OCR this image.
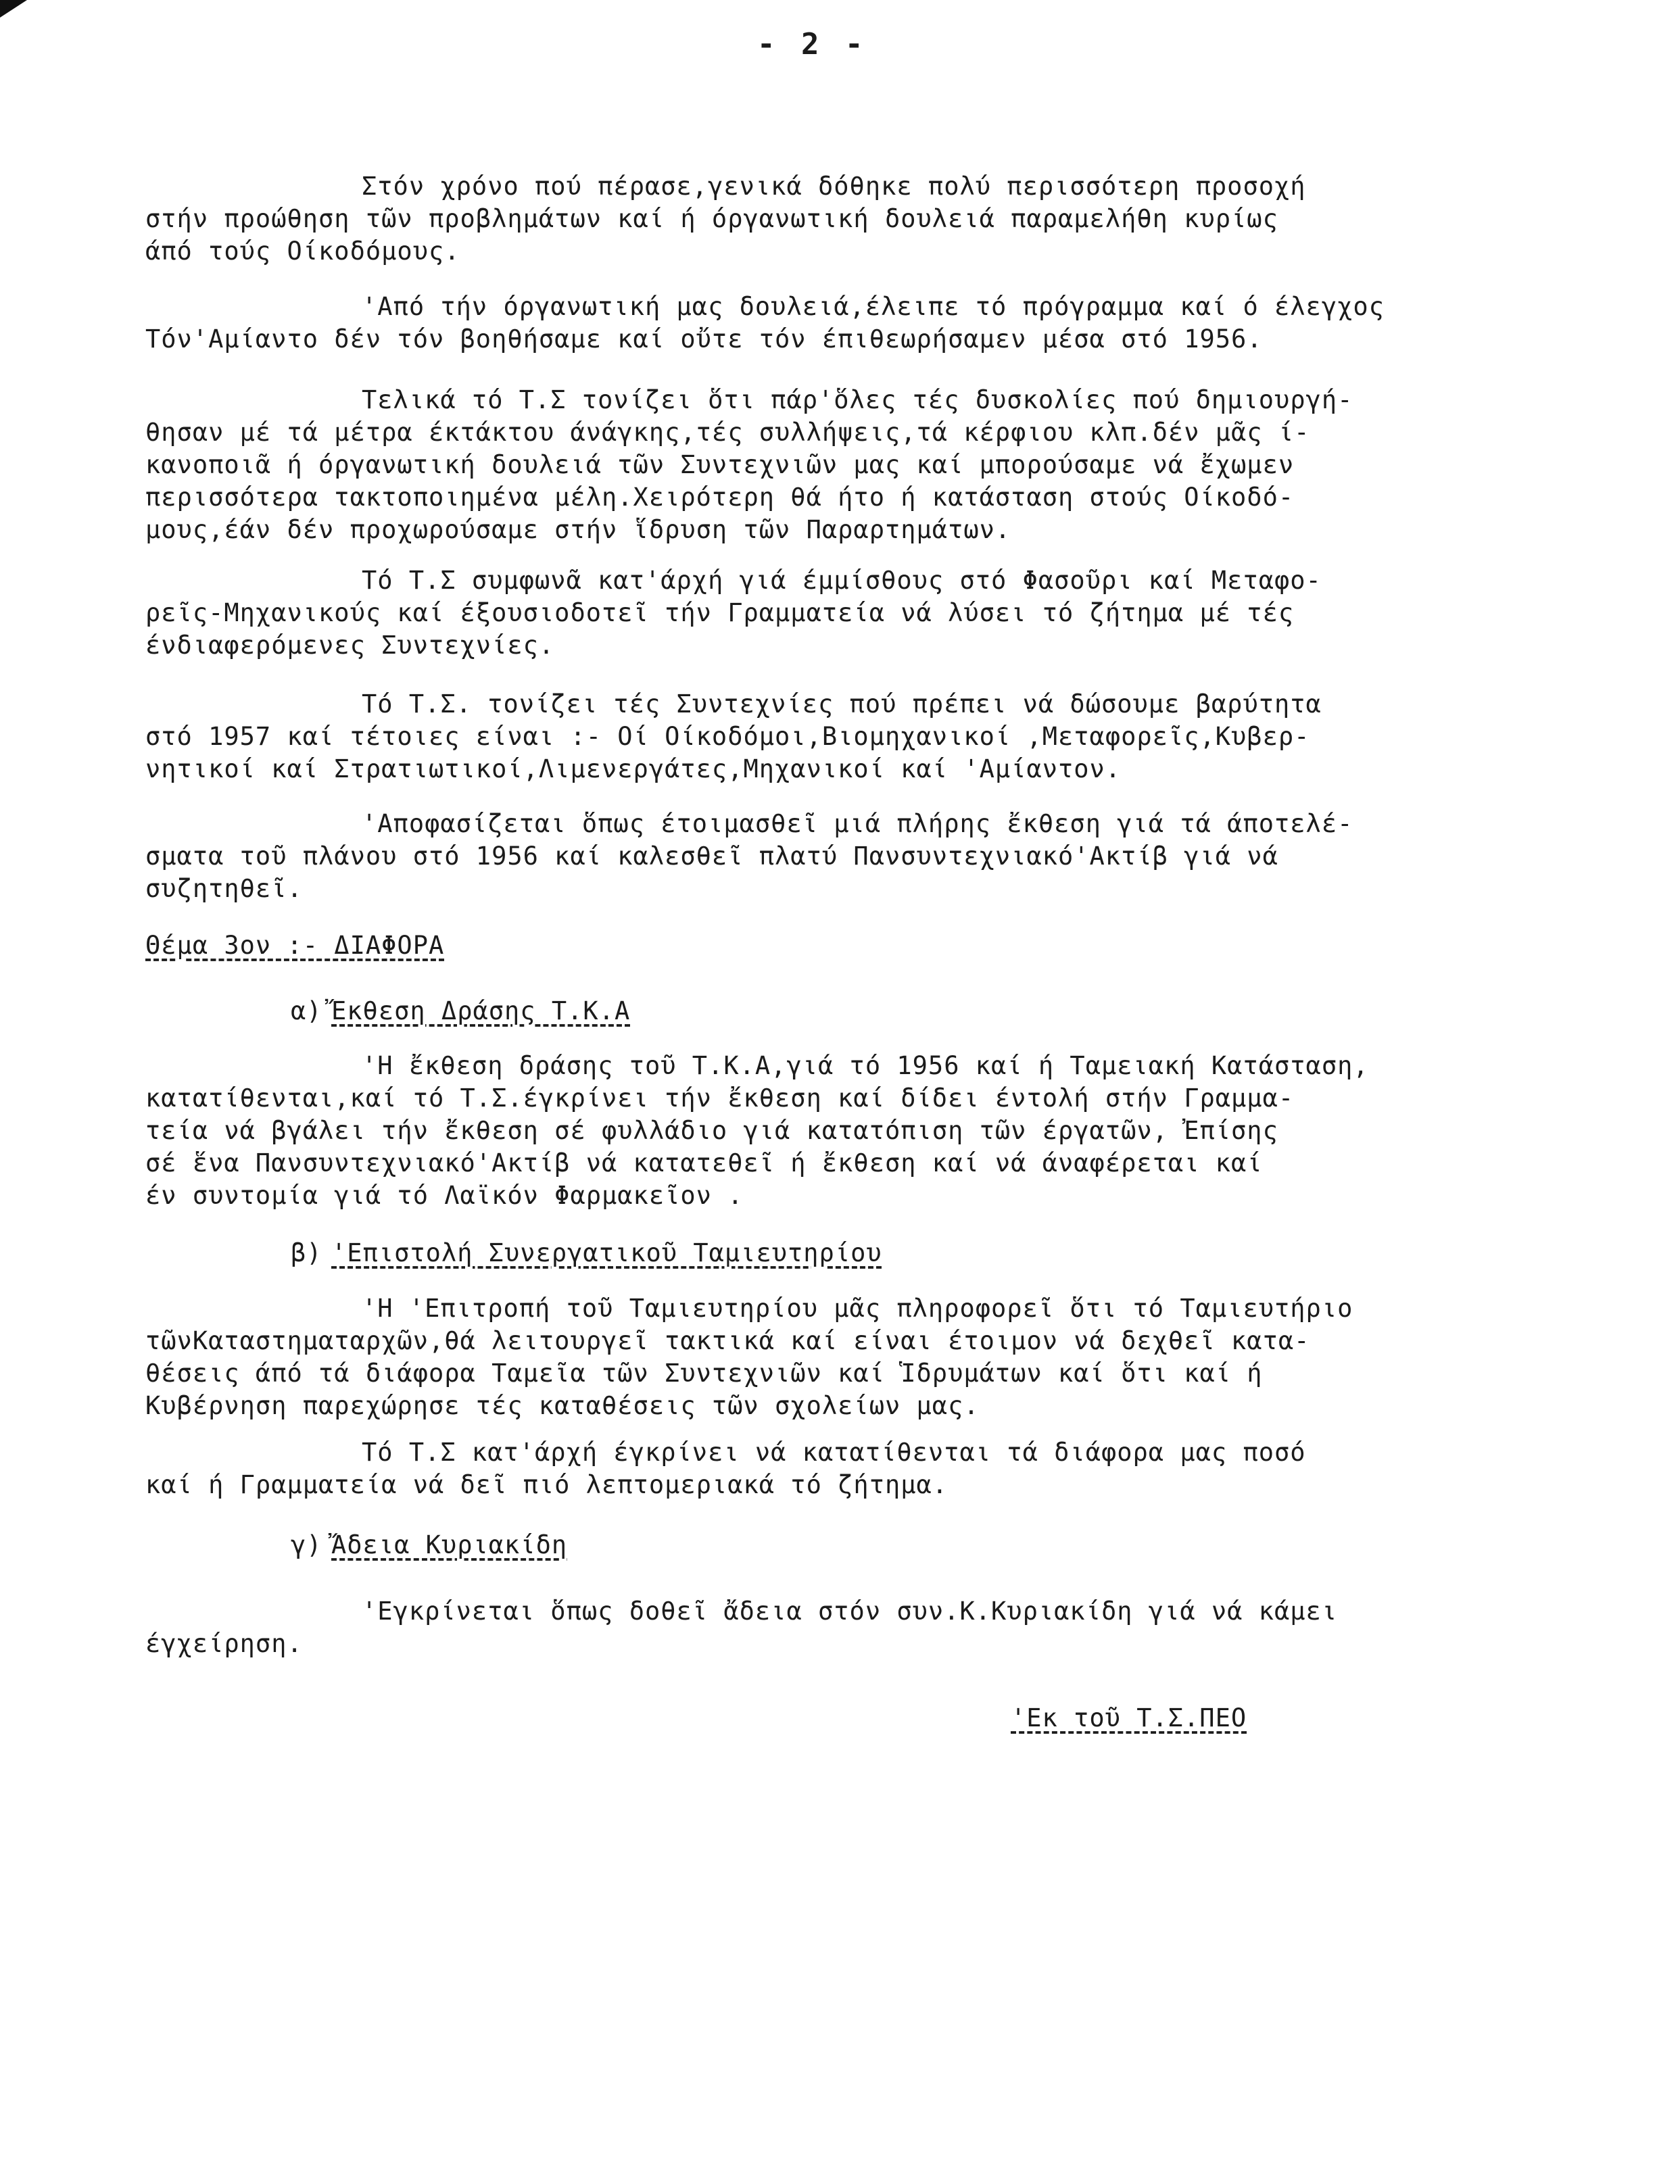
- 2 -
Στόν χρόνο πού πέρασε,γενικά δόθηκε πολύ περισσότερη προσοχή
στήν προώθηση τῶν προβλημάτων καί ή όργανωτική δουλειά παραμελήθη κυρίως
άπό τούς Οίκοδόμους.
'Από τήν όργανωτική μας δουλειά,έλειπε τό πρόγραμμα καί ό έλεγχος
Τόν'Αμίαντο δέν τόν βοηθήσαμε καί οὔτε τόν έπιθεωρήσαμεν μέσα στό 1956.
Τελικά τό Τ.Σ τονίζει ὅτι πάρ'ὅλες τές δυσκολίες πού δημιουργή-
θησαν μέ τά μέτρα έκτάκτου άνάγκης,τές συλλήψεις,τά κέρφιου κλπ.δέν μᾶς ί-
κανοποιᾶ ή όργανωτική δουλειά τῶν Συντεχνιῶν μας καί μπορούσαμε νά ἔχωμεν
περισσότερα τακτοποιημένα μέλη.Χειρότερη θά ήτο ή κατάσταση στούς Οίκοδό-
μους,έάν δέν προχωρούσαμε στήν ἵδρυση τῶν Παραρτημάτων.
Τό Τ.Σ συμφωνᾶ κατ'άρχή γιά έμμίσθους στό Φασοῦρι καί Μεταφο-
ρεῖς-Μηχανικούς καί έξουσιοδοτεῖ τήν Γραμματεία νά λύσει τό ζήτημα μέ τές
ένδιαφερόμενες Συντεχνίες.
Τό Τ.Σ. τονίζει τές Συντεχνίες πού πρέπει νά δώσουμε βαρύτητα
στό 1957 καί τέτοιες είναι :- Οί Οίκοδόμοι,Βιομηχανικοί ,Μεταφορεῖς,Κυβερ-
νητικοί καί Στρατιωτικοί,Λιμενεργάτες,Μηχανικοί καί 'Αμίαντον.
'Αποφασίζεται ὅπως έτοιμασθεῖ μιά πλήρης ἔκθεση γιά τά άποτελέ-
σματα τοῦ πλάνου στό 1956 καί καλεσθεῖ πλατύ Πανσυντεχνιακό'Ακτίβ γιά νά
συζητηθεῖ.
Θέμα 3ον :- ΔΙΑΦΟΡΑ
α) Ἔκθεση Δράσης Τ.Κ.Α
'Η ἔκθεση δράσης τοῦ Τ.Κ.Α,γιά τό 1956 καί ή Ταμειακή Κατάσταση,
κατατίθενται,καί τό Τ.Σ.έγκρίνει τήν ἔκθεση καί δίδει έντολή στήν Γραμμα-
τεία νά βγάλει τήν ἔκθεση σέ φυλλάδιο γιά κατατόπιση τῶν έργατῶν, Ἐπίσης
σέ ἕνα Πανσυντεχνιακό'Ακτίβ νά κατατεθεῖ ή ἔκθεση καί νά άναφέρεται καί
έν συντομία γιά τό Λαϊκόν Φαρμακεῖον .
β) 'Επιστολή Συνεργατικοῦ Ταμιευτηρίου
'Η 'Επιτροπή τοῦ Ταμιευτηρίου μᾶς πληροφορεῖ ὅτι τό Ταμιευτήριο
τῶνΚαταστηματαρχῶν,θά λειτουργεῖ τακτικά καί είναι έτοιμον νά δεχθεῖ κατα-
θέσεις άπό τά διάφορα Ταμεῖα τῶν Συντεχνιῶν καί Ἱδρυμάτων καί ὅτι καί ή
Κυβέρνηση παρεχώρησε τές καταθέσεις τῶν σχολείων μας.
Τό Τ.Σ κατ'άρχή έγκρίνει νά κατατίθενται τά διάφορα μας ποσό
καί ή Γραμματεία νά δεῖ πιό λεπτομεριακά τό ζήτημα.
γ) Ἄδεια Κυριακίδη
'Εγκρίνεται ὅπως δοθεῖ ἄδεια στόν συν.Κ.Κυριακίδη γιά νά κάμει
έγχείρηση.
'Εκ τοῦ Τ.Σ.ΠΕΟ
